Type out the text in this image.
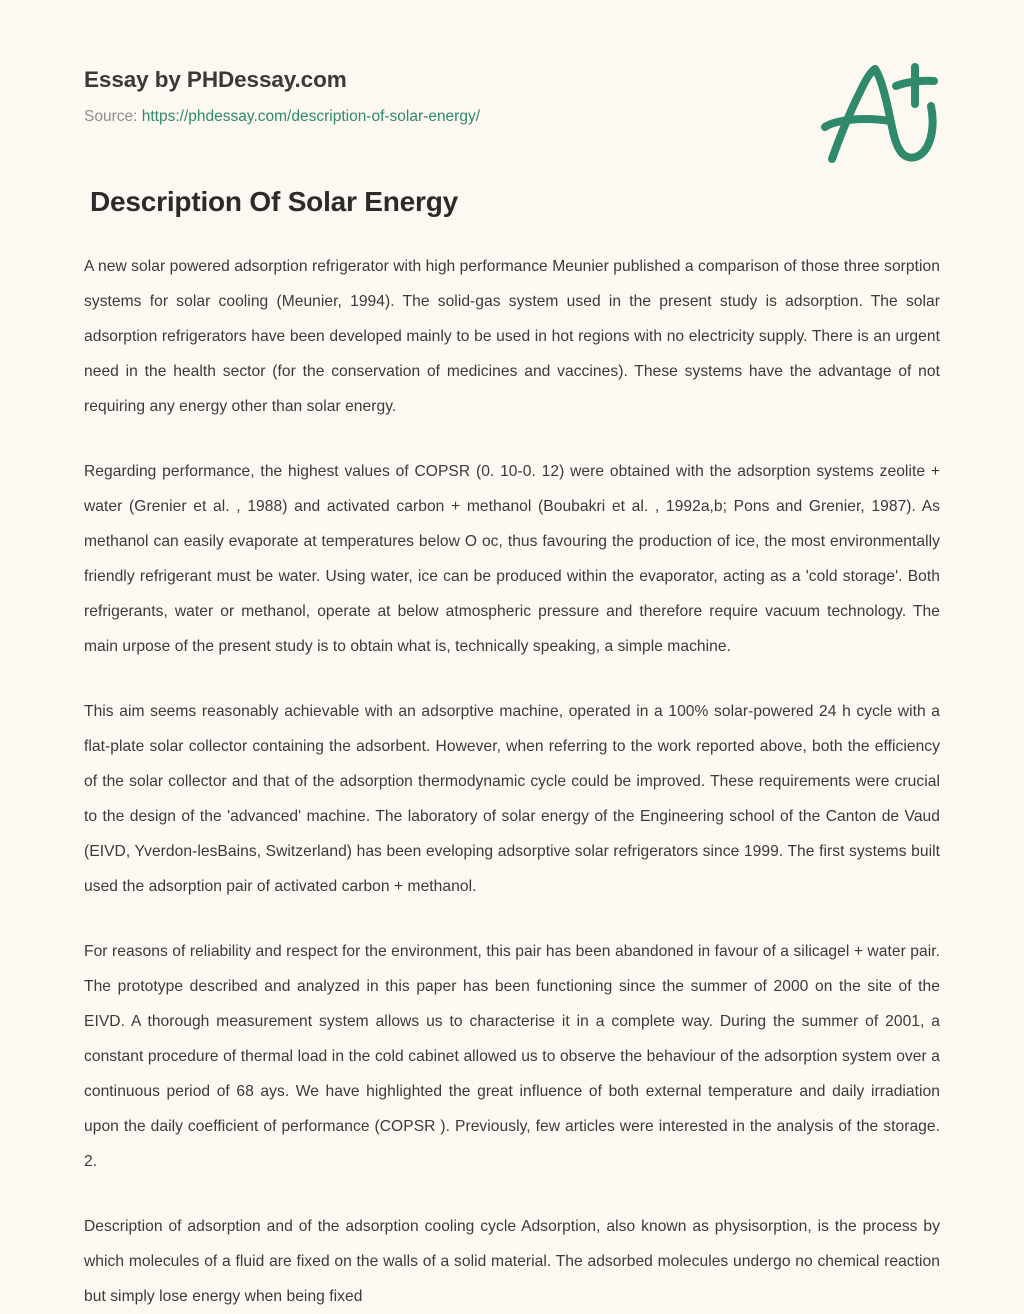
Essay by PHDessay.com
Source: https://phdessay.com/description-of-solar-energy/
Description Of Solar Energy

A new solar powered adsorption refrigerator with high performance Meunier published a comparison of those three sorption systems for solar cooling (Meunier, 1994). The solid-gas system used in the present study is adsorption. The solar adsorption refrigerators have been developed mainly to be used in hot regions with no electricity supply. There is an urgent need in the health sector (for the conservation of medicines and vaccines). These systems have the advantage of not requiring any energy other than solar energy.

Regarding performance, the highest values of COPSR (0. 10-0. 12) were obtained with the adsorption systems zeolite + water (Grenier et al. , 1988) and activated carbon + methanol (Boubakri et al. , 1992a,b; Pons and Grenier, 1987). As methanol can easily evaporate at temperatures below O oc, thus favouring the production of ice, the most environmentally friendly refrigerant must be water. Using water, ice can be produced within the evaporator, acting as a 'cold storage'. Both refrigerants, water or methanol, operate at below atmospheric pressure and therefore require vacuum technology. The main urpose of the present study is to obtain what is, technically speaking, a simple machine.

This aim seems reasonably achievable with an adsorptive machine, operated in a 100% solar-powered 24 h cycle with a flat-plate solar collector containing the adsorbent. However, when referring to the work reported above, both the efficiency of the solar collector and that of the adsorption thermodynamic cycle could be improved. These requirements were crucial to the design of the 'advanced' machine. The laboratory of solar energy of the Engineering school of the Canton de Vaud (EIVD, Yverdon-lesBains, Switzerland) has been eveloping adsorptive solar refrigerators since 1999. The first systems built used the adsorption pair of activated carbon + methanol.

For reasons of reliability and respect for the environment, this pair has been abandoned in favour of a silicagel + water pair. The prototype described and analyzed in this paper has been functioning since the summer of 2000 on the site of the EIVD. A thorough measurement system allows us to characterise it in a complete way. During the summer of 2001, a constant procedure of thermal load in the cold cabinet allowed us to observe the behaviour of the adsorption system over a continuous period of 68 ays. We have highlighted the great influence of both external temperature and daily irradiation upon the daily coefficient of performance (COPSR ). Previously, few articles were interested in the analysis of the storage. 2.

Description of adsorption and of the adsorption cooling cycle Adsorption, also known as physisorption, is the process by which molecules of a fluid are fixed on the walls of a solid material. The adsorbed molecules undergo no chemical reaction but simply lose energy when being fixed
